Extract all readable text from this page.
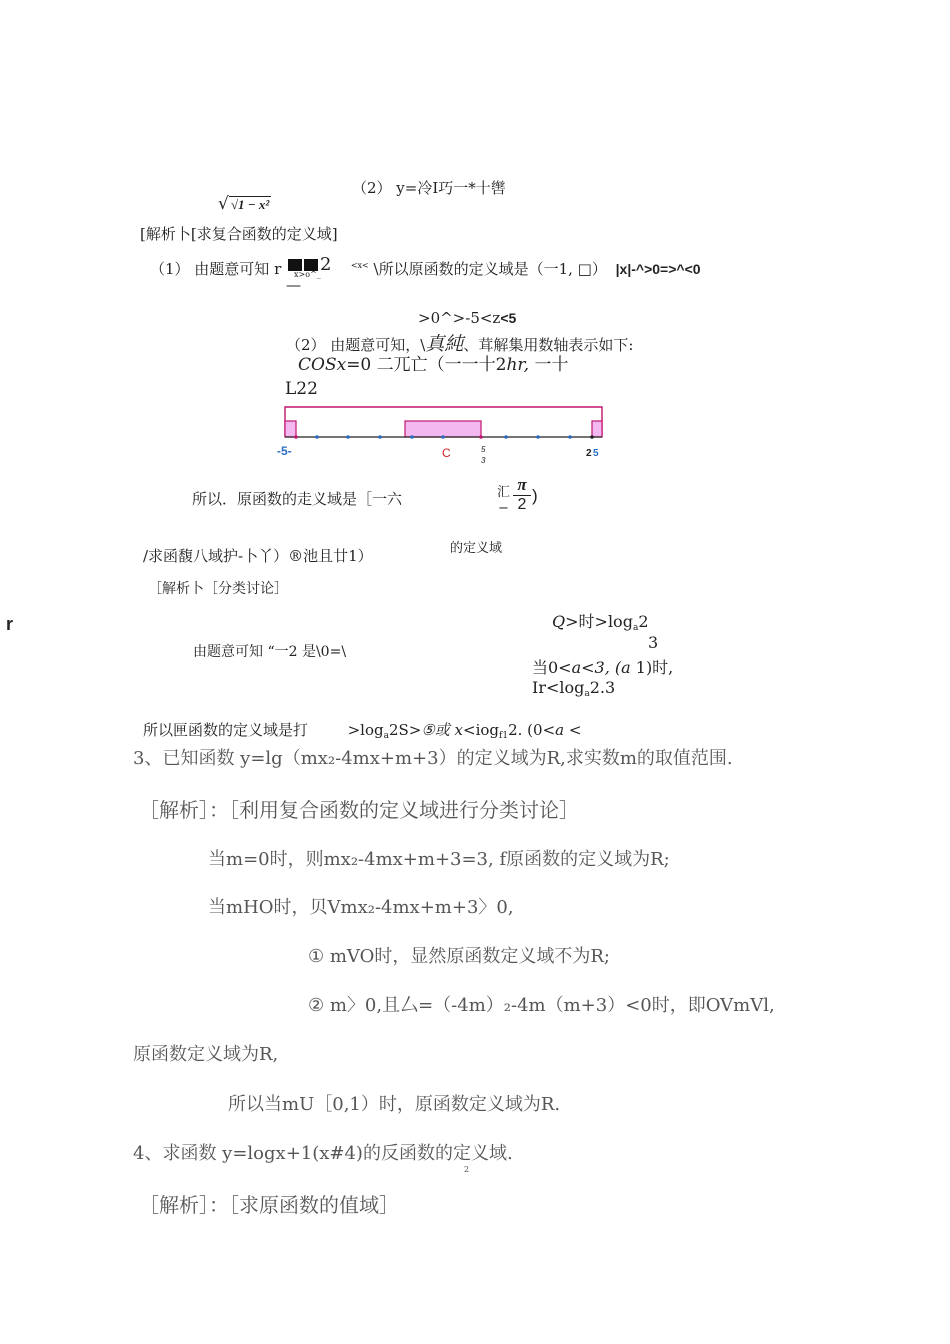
√ √1 − x²
（2） y=冷I巧一*十辔
[解析卜[求复合函数的定义域]
（1） 由题意可知 r	2
x>o^_
—
$^{<x<}$ \所以原函数的定义域是（一1, □） |x|-^>0=>^<0
>0^>-5<z<5
（2） 由题意可知，\真純、茸解集用数轴表示如下:
COSx=0 二兀亡（一一十2hr, 一十
L22
-5-	C	5
3
2 5
所以．原函数的走义域是［一六	汇
−
π
2 )
/求函馥八域护-卜丫）®池且廿1）	的定义域
［解析卜［分类讨论］
r	Q>时>loga2
3
当0<a<3, (a 1)时,
Ir<loga2.3
由题意可知 “一2 是\0=\
所以匣函数的定义域是打	$>\log_a2S>⑤$或 x<iog$_{f1}$2. (0<a <
3、已知函数 y=lg（mx₂-4mx+m+3）的定义域为R,求实数m的取值范围.
［解析］：［利用复合函数的定义域进行分类讨论］
当m=0时，则mx₂-4mx+m+3=3, f原函数的定义域为R;
当mHO时，贝Vmx₂-4mx+m+3〉0,
① mVO时，显然原函数定义域不为R;
② m〉0,且厶=（-4m）₂-4m（m+3）<0时，即OVmVl,
原函数定义域为R,
所以当mU［0,1）时，原函数定义域为R.
4、求函数 y=logx+1(x#4)的反函数的定义域.
2
［解析］：［求原函数的值域］
